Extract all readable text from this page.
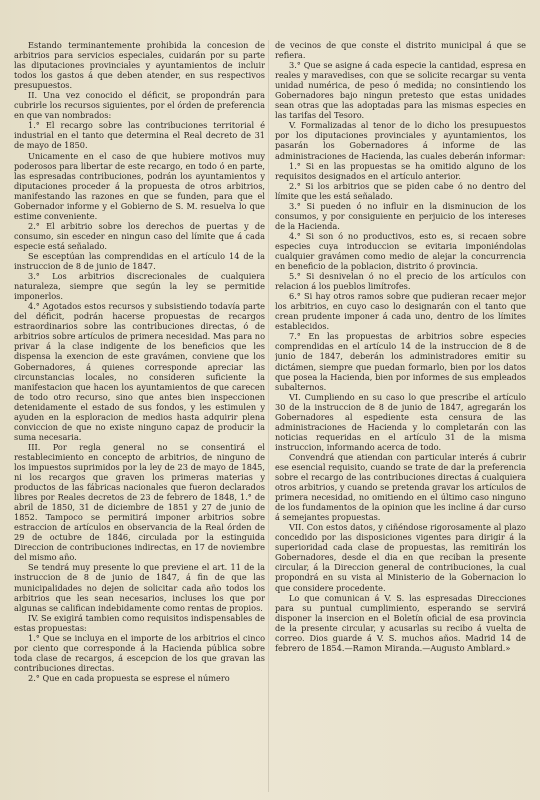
Estando terminantemente prohibida la concesion de arbitrios para servicios especiales, cuidarán por su parte las diputaciones provinciales y ayuntamientos de incluir todos los gastos á que deben atender, en sus respectivos presupuestos.

II. Una vez conocido el déficit, se propondrán para cubrirle los recursos siguientes, por el órden de preferencia en que van nombrados:

1.° El recargo sobre las contribuciones territorial é industrial en el tanto que determina el Real decreto de 31 de mayo de 1850.

Unicamente en el caso de que hubiere motivos muy poderosos para libertar de este recargo, en todo ó en parte, las espresadas contribuciones, podrán los ayuntamientos y diputaciones proceder á la propuesta de otros arbitrios, manifestando las razones en que se funden, para que el Gobernador informe y el Gobierno de S. M. resuelva lo que estime conveniente.

2.° El arbitrio sobre los derechos de puertas y de consumo, sin esceder en ningun caso del límite que á cada especie está señalado.

Se esceptúan las comprendidas en el artículo 14 de la instruccion de 8 de junio de 1847.

3.° Los arbitrios discrecionales de cualquiera naturaleza, siempre que según la ley se permitide imponerlos.

4.° Agotados estos recursos y subsistiendo todavía parte del déficit, podrán hacerse propuestas de recargos estraordinarios sobre las contribuciones directas, ó de arbitrios sobre artículos de primera necesidad. Mas para no privar á la clase indigente de los beneficios que les dispensa la exencion de este gravámen, conviene que los Gobernadores, á quienes corresponde apreciar las circunstancias locales, no consideren suficiente la manifestacion que hacen los ayuntamientos de que carecen de todo otro recurso, sino que antes bien inspeccionen detenidamente el estado de sus fondos, y les estimulen y ayuden en la esploracion de medios hasta adquirir plena conviccion de que no existe ninguno capaz de producir la suma necesaria.

III. Por regla general no se consentirá el restablecimiento en concepto de arbitrios, de ninguno de los impuestos suprimidos por la ley de 23 de mayo de 1845, ni los recargos que graven los primeras materias y productos de las fábricas nacionales que fueron declarados libres por Reales decretos de 23 de febrero de 1848, 1.° de abril de 1850, 31 de diciembre de 1851 y 27 de junio de 1852. Tampoco se permitirá imponer arbitrios sobre estraccion de artículos en observancia de la Real órden de 29 de octubre de 1846, circulada por la estinguida Direccion de contribuciones indirectas, en 17 de noviembre del mismo año.

Se tendrá muy presente lo que previene el art. 11 de la instruccion de 8 de junio de 1847, á fin de que las municipalidades no dejen de solicitar cada año todos los arbitrios que les sean necesarios, incluses los que por algunas se califican indebidamente como rentas de propios.

IV. Se exigirá tambien como requisitos indispensables de estas propuestas:

1.° Que se incluya en el importe de los arbitrios el cinco por ciento que corresponde á la Hacienda pública sobre toda clase de recargos, á escepcion de los que gravan las contribuciones directas.

2.° Que en cada propuesta se esprese el número

de vecinos de que conste el distrito municipal á que se refiera.

3.° Que se asigne á cada especie la cantidad, espresa en reales y maravedises, con que se solicite recargar su venta unidad numérica, de peso ó medida; no consintiendo los Gobernadores bajo ningun pretesto que estas unidades sean otras que las adoptadas para las mismas especies en las tarifas del Tesoro.

V. Formalizadas al tenor de lo dicho los presupuestos por los diputaciones provinciales y ayuntamientos, los pasarán los Gobernadores á informe de las administraciones de Hacienda, las cuales deberán informar:

1.° Si en las propuestas se ha omitido alguno de los requisitos designados en el artículo anterior.

2.° Si los arbitrios que se piden cabe ó no dentro del límite que les está señalado.

3.° Si pueden ó no influir en la disminucion de los consumos, y por consiguiente en perjuicio de los intereses de la Hacienda.

4.° Si son ó no productivos, esto es, si recaen sobre especies cuya introduccion se evitaria imponiéndolas cualquier gravámen como medio de alejar la concurrencia en beneficio de la poblacion, distrito ó provincia.

5.° Si desnivelan ó no el precio de los artículos con relacion á los pueblos limítrofes.

6.° Si hay otros ramos sobre que pudieran recaer mejor los arbitrios, en cuyo caso lo designarán con el tanto que crean prudente imponer á cada uno, dentro de los límites establecidos.

7.° En las propuestas de arbitrios sobre especies comprendidas en el artículo 14 de la instruccion de 8 de junio de 1847, deberán los administradores emitir su dictámen, siempre que puedan formarlo, bien por los datos que posea la Hacienda, bien por informes de sus empleados subalternos.

VI. Cumpliendo en su caso lo que prescribe el artículo 30 de la instruccion de 8 de junio de 1847, agregarán los Gobernadores al espediente esta censura de las administraciones de Hacienda y lo completarán con las noticias requeridas en el artículo 31 de la misma instruccion, informando acerca de todo.

Convendrá que atiendan con particular interés á cubrir ese esencial requisito, cuando se trate de dar la preferencia sobre el recargo de las contribuciones directas á cualquiera otros arbitrios, y cuando se pretenda gravar los artículos de primera necesidad, no omitiendo en el último caso ninguno de los fundamentos de la opinion que les incline á dar curso á semejantes propuestas.

VII. Con estos datos, y ciñéndose rigorosamente al plazo concedido por las disposiciones vigentes para dirigir á la superioridad cada clase de propuestas, las remitirán los Gobernadores, desde el dia en que reciban la presente circular, á la Direccion general de contribuciones, la cual propondrá en su vista al Ministerio de la Gobernacion lo que considere procedente.

Lo que comunican á V. S. las espresadas Direcciones para su puntual cumplimiento, esperando se servirá disponer la insercion en el Boletín oficial de esa provincia de la presente circular, y acusarlas su recibo á vuelta de correo. Dios guarde á V. S. muchos años. Madrid 14 de febrero de 1854.—Ramon Miranda.—Augusto Amblard.»
